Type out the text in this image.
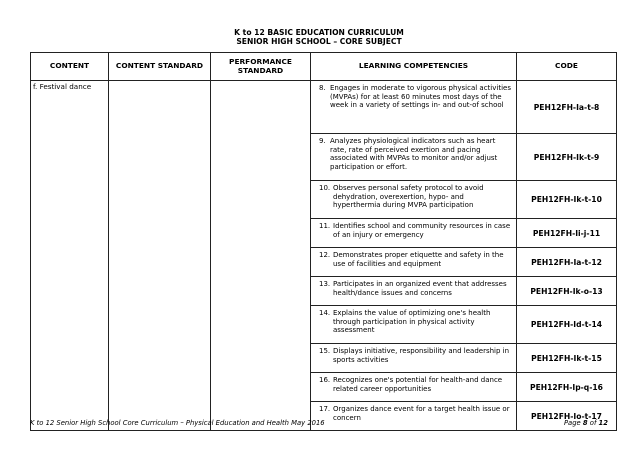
K to 12 BASIC EDUCATION CURRICULUM
SENIOR HIGH SCHOOL – CORE SUBJECT
CONTENT	CONTENT STANDARD	PERFORMANCE STANDARD	LEARNING COMPETENCIES	CODE
f. Festival dance			8. Engages in moderate to vigorous physical activities (MVPAs) for at least 60 minutes most days of the week in a variety of settings in- and out-of school	PEH12FH-Ia-t-8

			9. Analyzes physiological indicators such as heart rate, rate of perceived exertion and pacing associated with MVPAs to monitor and/or adjust participation or effort.	PEH12FH-Ik-t-9

			10. Observes personal safety protocol to avoid dehydration, overexertion, hypo- and hyperthermia during MVPA participation	PEH12FH-Ik-t-10

			11. Identifies school and community resources in case of an injury or emergency	PEH12FH-Ii-j-11

			12. Demonstrates proper etiquette and safety in the use of facilities and equipment	PEH12FH-Ia-t-12

			13. Participates in an organized event that addresses health/dance issues and concerns	PEH12FH-Ik-o-13

			14. Explains the value of optimizing one's health through participation in physical activity assessment	PEH12FH-Id-t-14

			15. Displays initiative, responsibility and leadership in sports activities	PEH12FH-Ik-t-15

			16. Recognizes one's potential for health-and dance related career opportunities	PEH12FH-Ip-q-16

			17. Organizes dance event for a target health issue or concern	PEH12FH-Io-t-17
K to 12 Senior High School Core Curriculum – Physical Education and Health May 2016	Page 8 of 12
